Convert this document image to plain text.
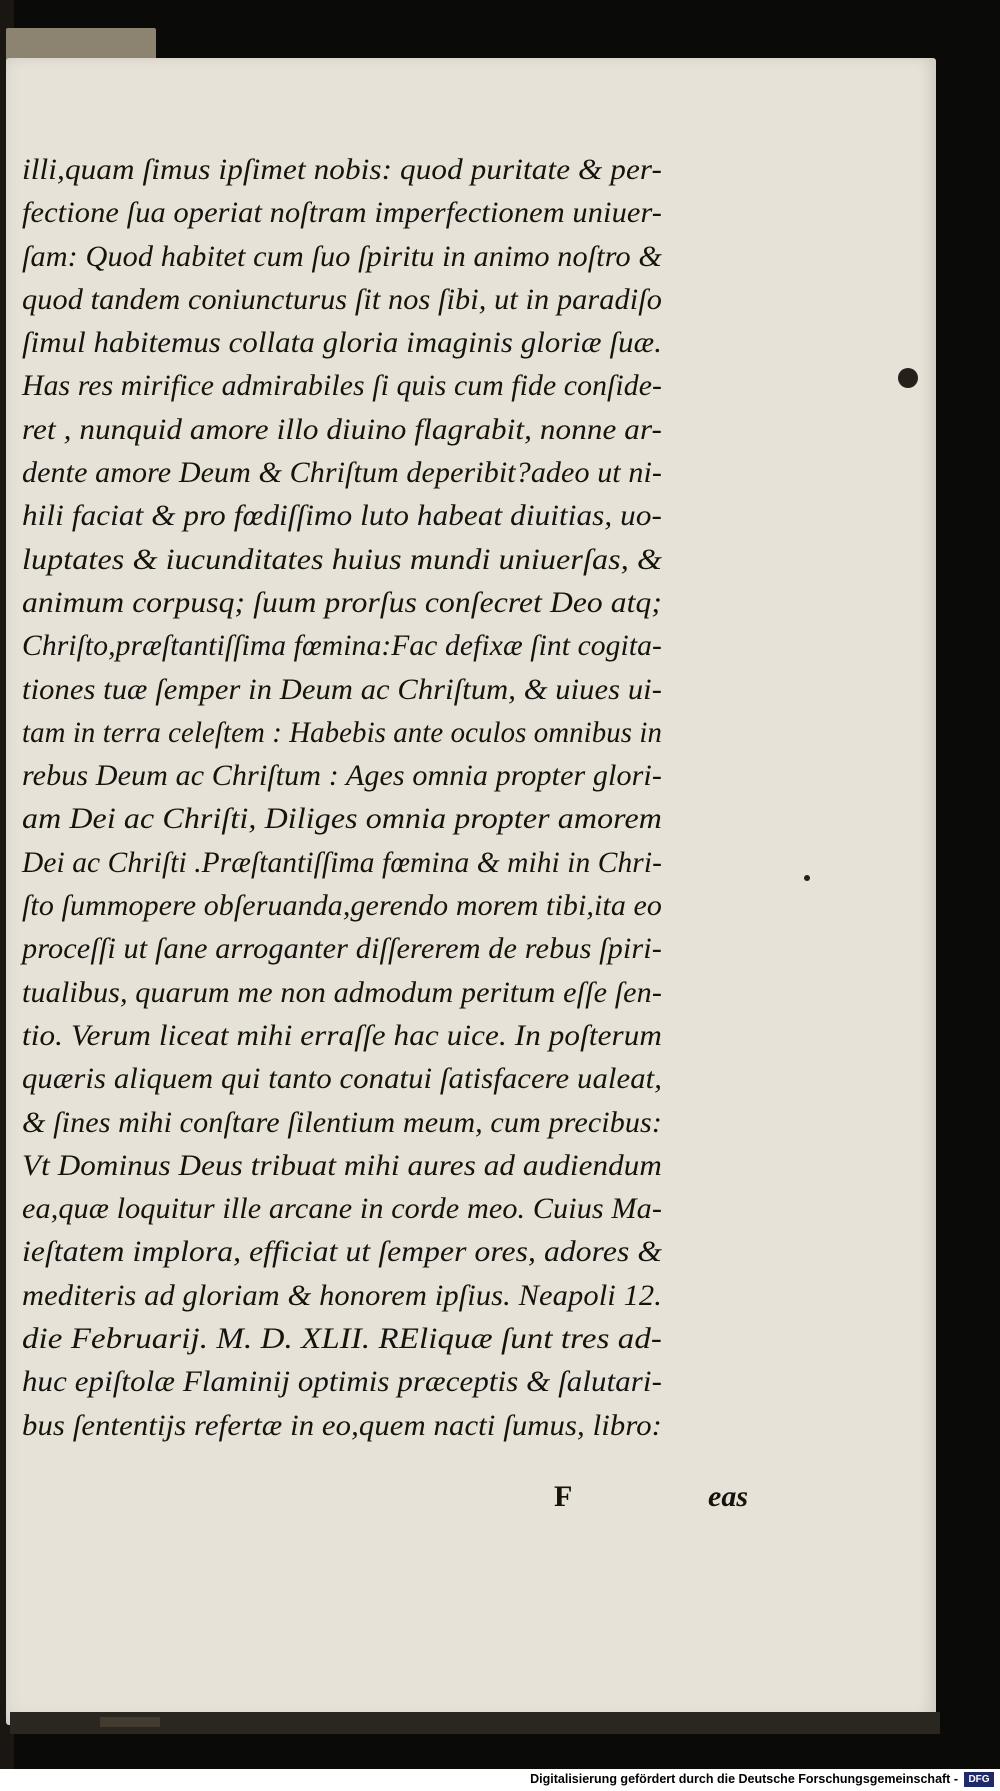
illi,quam ſimus ipſimet nobis: quod puritate & per-
fectione ſua operiat noſtram imperfectionem uniuer-
ſam: Quod habitet cum ſuo ſpiritu in animo noſtro &
quod tandem coniuncturus ſit nos ſibi, ut in paradiſo
ſimul habitemus collata gloria imaginis gloriæ ſuæ.
Has res mirifice admirabiles ſi quis cum fide conſide-
ret , nunquid amore illo diuino flagrabit, nonne ar-
dente amore Deum & Chriſtum deperibit?adeo ut ni-
hili faciat & pro fœdiſſimo luto habeat diuitias, uo-
luptates & iucunditates huius mundi uniuerſas, &
animum corpusq; ſuum prorſus conſecret Deo atq;
Chriſto,præſtantiſſima fœmina:Fac defixæ ſint cogita-
tiones tuæ ſemper in Deum ac Chriſtum, & uiues ui-
tam in terra celeſtem : Habebis ante oculos omnibus in
rebus Deum ac Chriſtum : Ages omnia propter glori-
am Dei ac Chriſti, Diliges omnia propter amorem
Dei ac Chriſti .Præſtantiſſima fœmina & mihi in Chri-
ſto ſummopere obſeruanda,gerendo morem tibi,ita eo
proceſſi ut ſane arroganter diſſererem de rebus ſpiri-
tualibus, quarum me non admodum peritum eſſe ſen-
tio. Verum liceat mihi erraſſe hac uice. In poſterum
quæris aliquem qui tanto conatui ſatisfacere ualeat,
& ſines mihi conſtare ſilentium meum, cum precibus:
Vt Dominus Deus tribuat mihi aures ad audiendum
ea,quæ loquitur ille arcane in corde meo. Cuius Ma-
ieſtatem implora, efficiat ut ſemper ores, adores &
mediteris ad gloriam & honorem ipſius. Neapoli 12.
die Februarij. M. D. XLII. REliquæ ſunt tres ad-
huc epiſtolæ Flaminij optimis præceptis & ſalutari-
bus ſententijs refertæ in eo,quem nacti ſumus, libro:
F	eas
Digitalisierung gefördert durch die Deutsche Forschungsgemeinschaft -	DFG
